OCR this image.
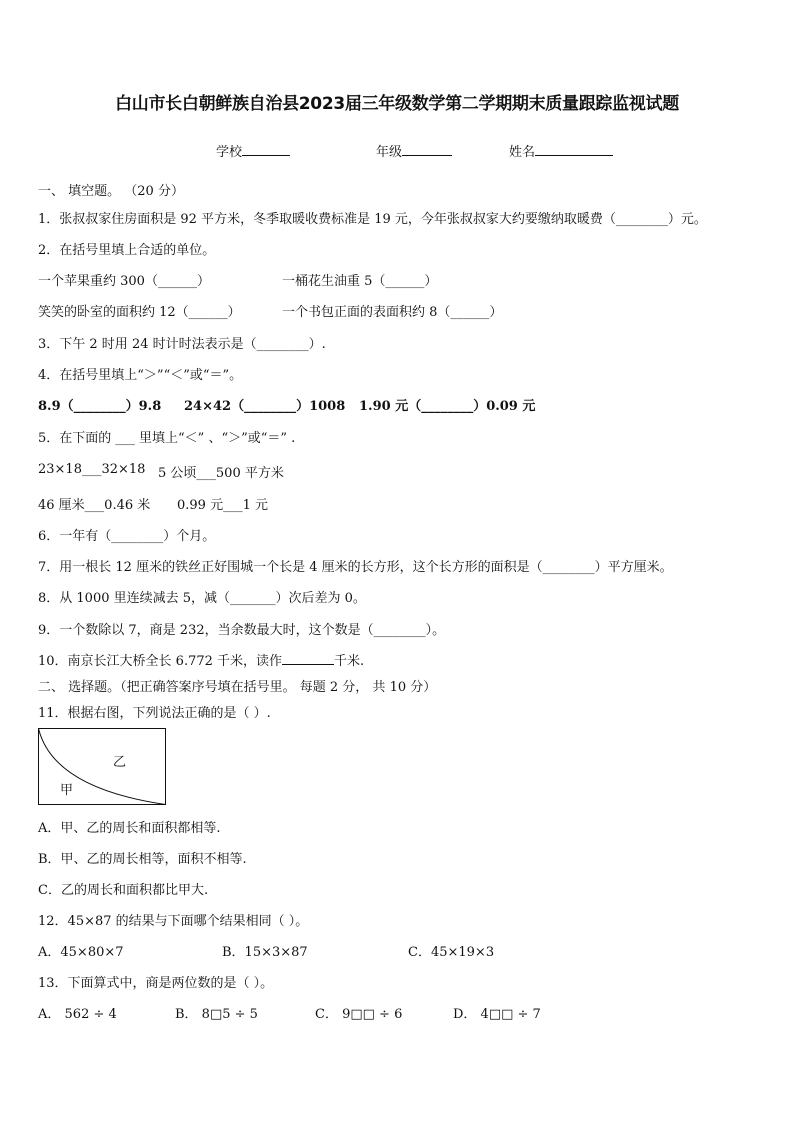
白山市长白朝鲜族自治县2023届三年级数学第二学期期末质量跟踪监视试题
学校	年级	姓名
一、 填空题。 （20 分）
1．张叔叔家住房面积是 92 平方米，冬季取暖收费标准是 19 元，今年张叔叔家大约要缴纳取暖费（________）元。
2．在括号里填上合适的单位。
一个苹果重约 300（______）	一桶花生油重 5（______）
笑笑的卧室的面积约 12（______）	一个书包正面的表面积约 8（______）
3．下午 2 时用 24 时计时法表示是（________）.
4．在括号里填上“＞”“＜”或“＝”。
8.9（________）9.8 24×42（________）1008 1.90 元（________）0.09 元
5．在下面的 ___ 里填上“＜” 、“＞”或“＝” .
23×18___32×18 5 公顷___500 平方米
46 厘米___0.46 米 0.99 元___1 元
6．一年有（________）个月。
7．用一根长 12 厘米的铁丝正好围城一个长是 4 厘米的长方形，这个长方形的面积是（________）平方厘米。
8．从 1000 里连续减去 5，减（_______）次后差为 0。
9．一个数除以 7，商是 232，当余数最大时，这个数是（________）。
10．南京长江大桥全长 6.772 千米，读作	千米.
二、 选择题。（把正确答案序号填在括号里。 每题 2 分， 共 10 分）
11．根据右图，下列说法正确的是（ ）.
甲
乙
A．甲、乙的周长和面积都相等.
B．甲、乙的周长相等，面积不相等.
C．乙的周长和面积都比甲大.
12．45×87 的结果与下面哪个结果相同（ ）。
A．45×80×7	B．15×3×87	C．45×19×3
13．下面算式中，商是两位数的是（ ）。
A． 562 ÷ 4	B． 8□5 ÷ 5	C． 9□□ ÷ 6	D． 4□□ ÷ 7
